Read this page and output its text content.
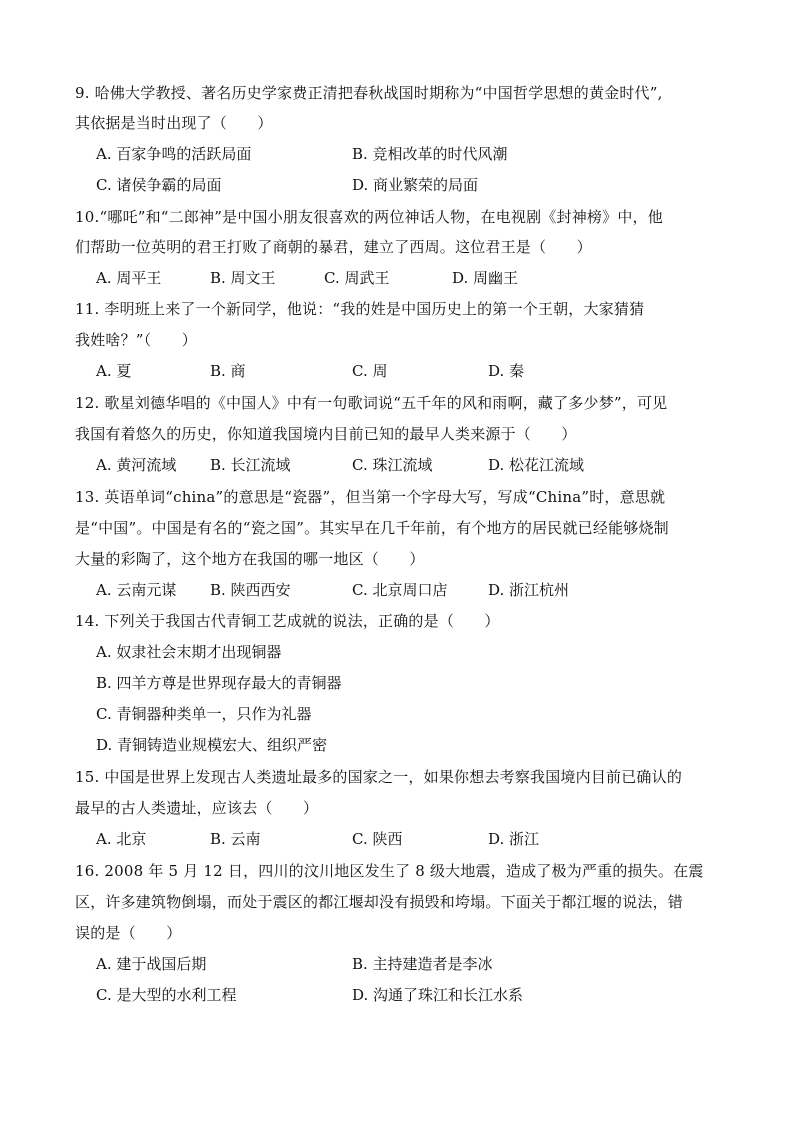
9. 哈佛大学教授、著名历史学家费正清把春秋战国时期称为“中国哲学思想的黄金时代”,
其依据是当时出现了（　　）
A. 百家争鸣的活跃局面	B. 竞相改革的时代风潮
C. 诸侯争霸的局面	D. 商业繁荣的局面
10.“哪吒”和“二郎神”是中国小朋友很喜欢的两位神话人物，在电视剧《封神榜》中，他
们帮助一位英明的君王打败了商朝的暴君，建立了西周。这位君王是（　　）
A. 周平王	B. 周文王	C. 周武王	D. 周幽王
11. 李明班上来了一个新同学，他说：“我的姓是中国历史上的第一个王朝，大家猜猜
我姓啥？”（　　）
A. 夏	B. 商	C. 周	D. 秦
12. 歌星刘德华唱的《中国人》中有一句歌词说“五千年的风和雨啊，藏了多少梦”，可见
我国有着悠久的历史，你知道我国境内目前已知的最早人类来源于（　　）
A. 黄河流域 B. 长江流域	C. 珠江流域	D. 松花江流域
13. 英语单词“china”的意思是“瓷器”，但当第一个字母大写，写成“China”时，意思就
是“中国”。中国是有名的“瓷之国”。其实早在几千年前，有个地方的居民就已经能够烧制
大量的彩陶了，这个地方在我国的哪一地区（　　）
A. 云南元谋 B. 陕西西安	C. 北京周口店	D. 浙江杭州
14. 下列关于我国古代青铜工艺成就的说法，正确的是（　　）
A. 奴隶社会末期才出现铜器
B. 四羊方尊是世界现存最大的青铜器
C. 青铜器种类单一，只作为礼器
D. 青铜铸造业规模宏大、组织严密
15. 中国是世界上发现古人类遗址最多的国家之一，如果你想去考察我国境内目前已确认的
最早的古人类遗址，应该去（　　）
A. 北京	B. 云南	C. 陕西	D. 浙江
16. 2008 年 5 月 12 日，四川的汶川地区发生了 8 级大地震，造成了极为严重的损失。在震
区，许多建筑物倒塌，而处于震区的都江堰却没有损毁和垮塌。下面关于都江堰的说法，错
误的是（　　）
A. 建于战国后期	B. 主持建造者是李冰
C. 是大型的水利工程	D. 沟通了珠江和长江水系
